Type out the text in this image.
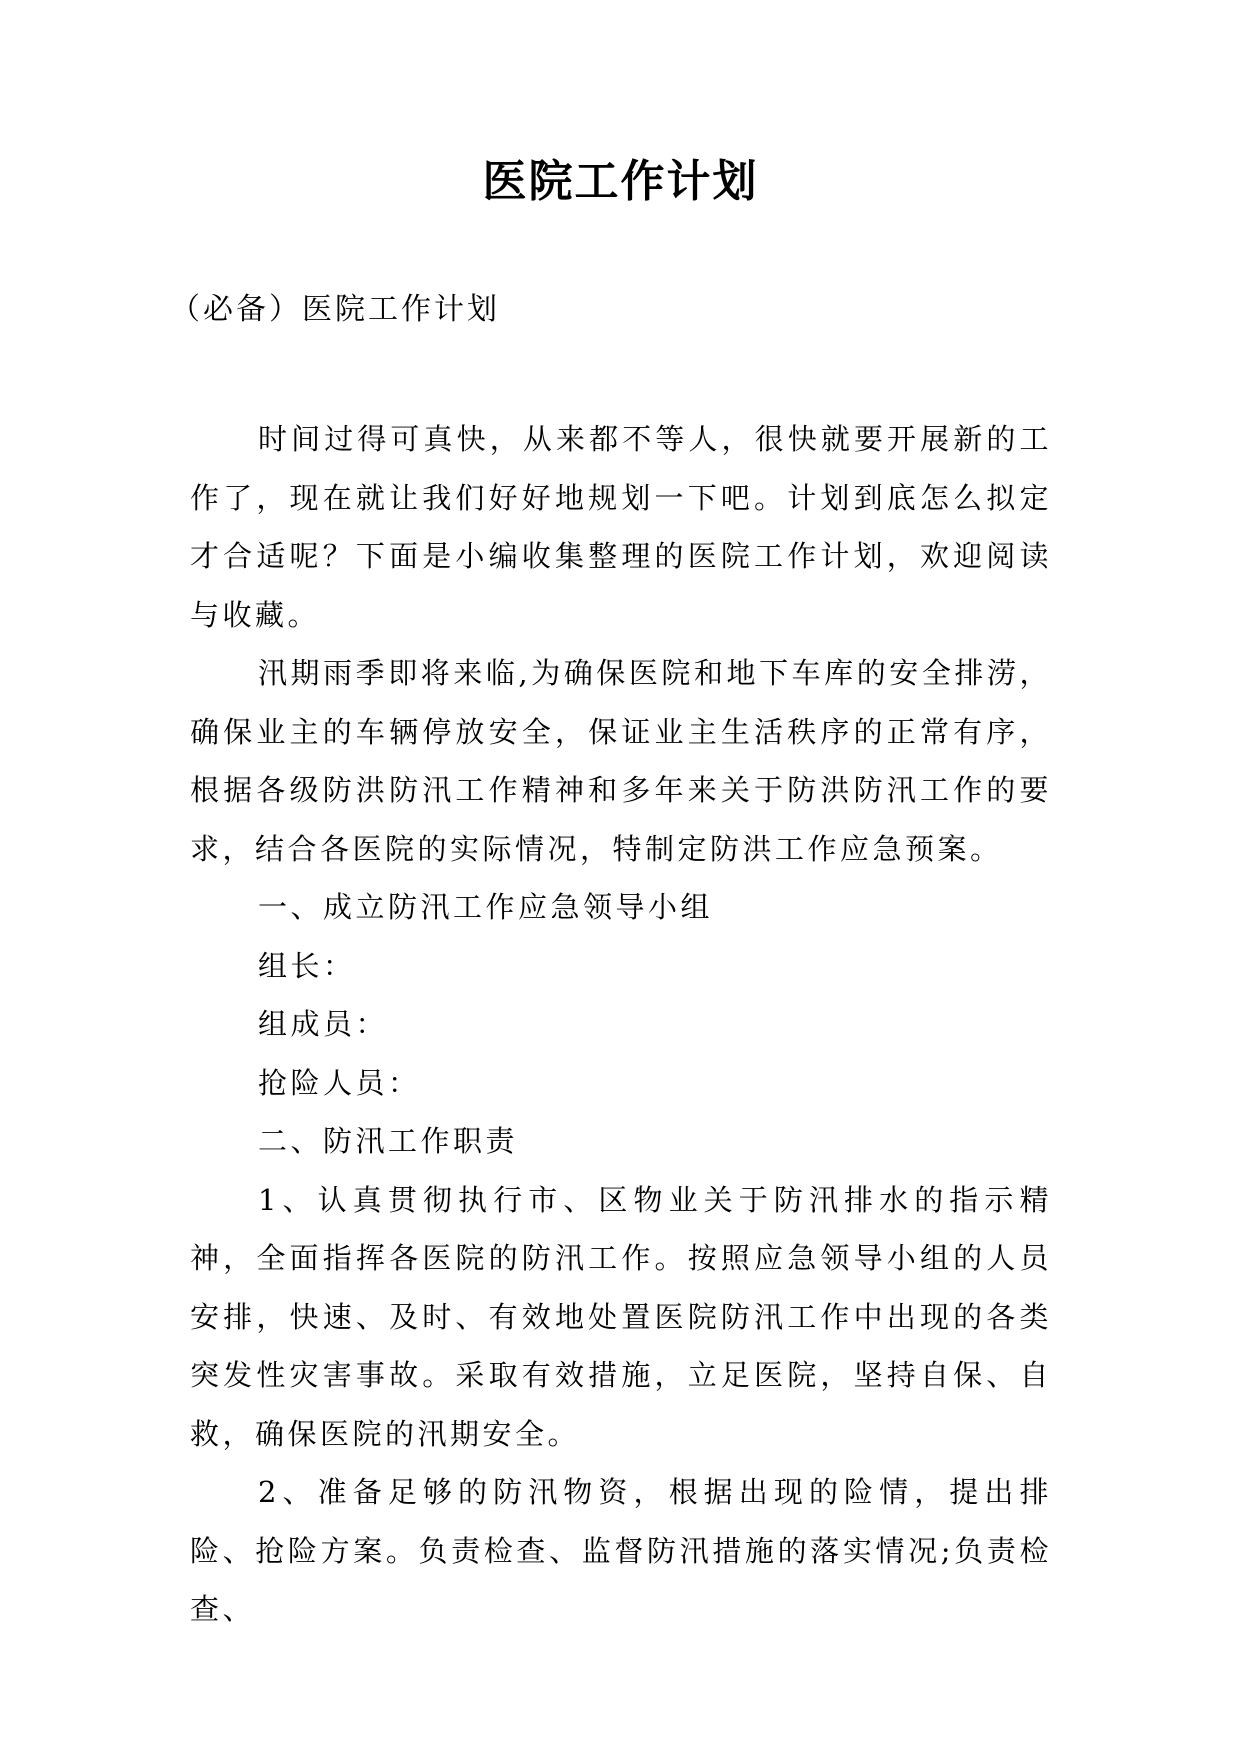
医院工作计划
（必备）医院工作计划

时间过得可真快，从来都不等人，很快就要开展新的工作了，现在就让我们好好地规划一下吧。计划到底怎么拟定才合适呢？下面是小编收集整理的医院工作计划，欢迎阅读与收藏。

汛期雨季即将来临,为确保医院和地下车库的安全排涝，确保业主的车辆停放安全，保证业主生活秩序的正常有序，根据各级防洪防汛工作精神和多年来关于防洪防汛工作的要求，结合各医院的实际情况，特制定防洪工作应急预案。

一、成立防汛工作应急领导小组

组长：

组成员：

抢险人员：

二、防汛工作职责

1、认真贯彻执行市、区物业关于防汛排水的指示精神，全面指挥各医院的防汛工作。按照应急领导小组的人员安排，快速、及时、有效地处置医院防汛工作中出现的各类突发性灾害事故。采取有效措施，立足医院，坚持自保、自救，确保医院的汛期安全。

2、准备足够的防汛物资，根据出现的险情，提出排险、抢险方案。负责检查、监督防汛措施的落实情况;负责检查、
